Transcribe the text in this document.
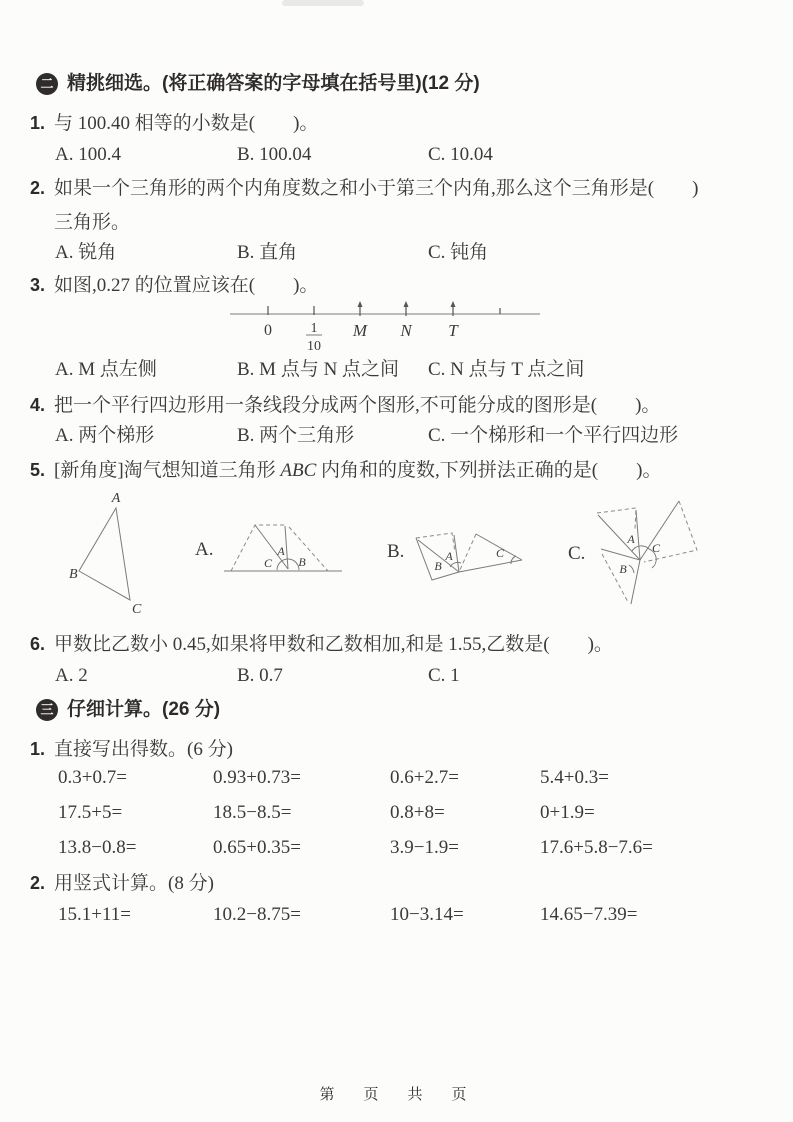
二 精挑细选。(将正确答案的字母填在括号里)(12 分)
1. 与 100.40 相等的小数是(　　)。
A. 100.4	B. 100.04	C. 10.04
2. 如果一个三角形的两个内角度数之和小于第三个内角,那么这个三角形是(　　)
三角形。
A. 锐角	B. 直角	C. 钝角
3. 如图,0.27 的位置应该在(　　)。
0	1
10
M N T
A. M 点左侧	B. M 点与 N 点之间	C. N 点与 T 点之间
4. 把一个平行四边形用一条线段分成两个图形,不可能分成的图形是(　　)。
A. 两个梯形	B. 两个三角形	C. 一个梯形和一个平行四边形
5. [新角度]淘气想知道三角形 ABC 内角和的度数,下列拼法正确的是(　　)。
A
B
C
A.
C
A
B	B.	A
B
C	C.
A
C
B
6. 甲数比乙数小 0.45,如果将甲数和乙数相加,和是 1.55,乙数是(　　)。
A. 2	B. 0.7	C. 1
三 仔细计算。(26 分)
1. 直接写出得数。(6 分)
0.3+0.7=	0.93+0.73=	0.6+2.7=	5.4+0.3=
17.5+5=	18.5−8.5=	0.8+8=	0+1.9=
13.8−0.8=	0.65+0.35=	3.9−1.9=	17.6+5.8−7.6=
2. 用竖式计算。(8 分)
15.1+11=	10.2−8.75=	10−3.14=	14.65−7.39=
第　页　共　页
